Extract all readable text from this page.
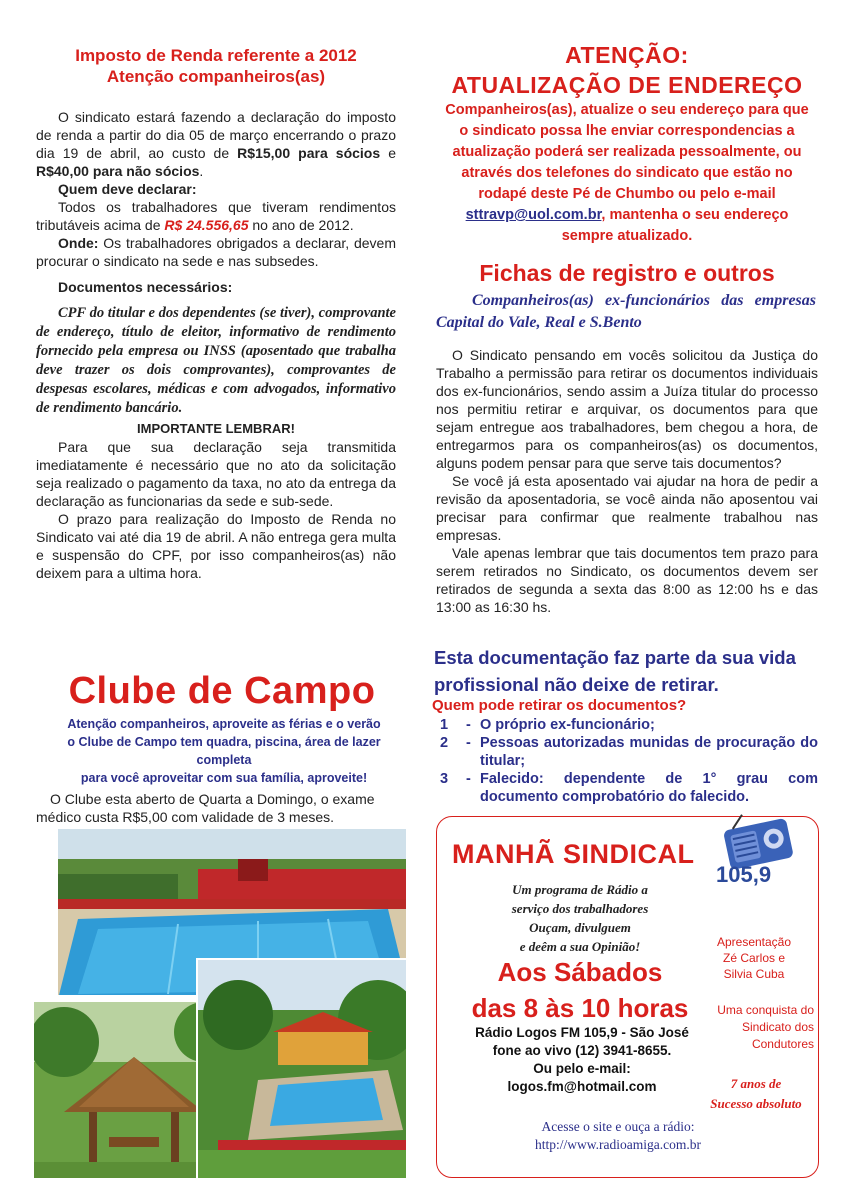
Imposto de Renda referente a 2012
Atenção companheiros(as)

O sindicato estará fazendo a declaração do imposto de renda a partir do dia 05 de março encerrando o prazo dia 19 de abril, ao custo de R$15,00 para sócios e R$40,00 para não sócios.

Quem deve declarar:

Todos os trabalhadores que tiveram rendimentos tributáveis acima de R$ 24.556,65 no ano de 2012.

Onde: Os trabalhadores obrigados a declarar, devem procurar o sindicato na sede e nas subsedes.

Documentos necessários:

CPF do titular e dos dependentes (se tiver), comprovante de endereço, título de eleitor, informativo de rendimento fornecido pela empresa ou INSS (aposentado que trabalha deve trazer os dois comprovantes), comprovantes de despesas escolares, médicas e com advogados, informativo de rendimento bancário.

IMPORTANTE LEMBRAR!

Para que sua declaração seja transmitida imediatamente é necessário que no ato da solicitação seja realizado o pagamento da taxa, no ato da entrega da declaração as funcionarias da sede e sub-sede.

O prazo para realização do Imposto de Renda no Sindicato vai até dia 19 de abril. A não entrega gera multa e suspensão do CPF, por isso companheiros(as) não deixem para a ultima hora.

Clube de Campo
Atenção companheiros, aproveite as férias e o verão
o Clube de Campo tem quadra, piscina, área de lazer completa
para você aproveitar com sua família, aproveite!
O Clube esta aberto de Quarta a Domingo, o exame médico custa R$5,00 com validade de 3 meses.
ATENÇÃO:
ATUALIZAÇÃO DE ENDEREÇO
Companheiros(as), atualize o seu endereço para que o sindicato possa lhe enviar correspondencias a atualização poderá ser realizada pessoalmente, ou através dos telefones do sindicato que estão no rodapé deste Pé de Chumbo ou pelo e-mail sttravp@uol.com.br, mantenha o seu endereço sempre atualizado.
Fichas de registro e outros
Companheiros(as) ex-funcionários das empresas Capital do Vale, Real e S.Bento

O Sindicato pensando em vocês solicitou da Justiça do Trabalho a permissão para retirar os documentos individuais dos ex-funcionários, sendo assim a Juíza titular do processo nos permitiu retirar e arquivar, os documentos para que sejam entregue aos trabalhadores, bem chegou a hora, de entregarmos para os companheiros(as) os documentos, alguns podem pensar para que serve tais documentos?

Se você já esta aposentado vai ajudar na hora de pedir a revisão da aposentadoria, se você ainda não aposentou vai precisar para confirmar que realmente trabalhou nas empresas.

Vale apenas lembrar que tais documentos tem prazo para serem retirados no Sindicato, os documentos devem ser retirados de segunda a sexta das 8:00 as 12:00 hs e das 13:00 as 16:30 hs.

Esta documentação faz parte da sua vida profissional não deixe de retirar.
Quem pode retirar os documentos?
1	- O próprio ex-funcionário;
2	- Pessoas autorizadas munidas de procuração do titular;
3	- Falecido: dependente de 1° grau com documento comprobatório do falecido.
MANHÃ SINDICAL
105,9
Um programa de Rádio a
serviço dos trabalhadores
Ouçam, divulguem
e deêm a sua Opinião!
Aos Sábados
das 8 às 10 horas
Rádio Logos FM 105,9 - São José
fone ao vivo (12) 3941-8655.
Ou pelo e-mail:
logos.fm@hotmail.com
Apresentação
Zé Carlos e
Silvia Cuba
Uma conquista do
Sindicato dos
Condutores
7 anos de
Sucesso absoluto
Acesse o site e ouça a rádio:
http://www.radioamiga.com.br
